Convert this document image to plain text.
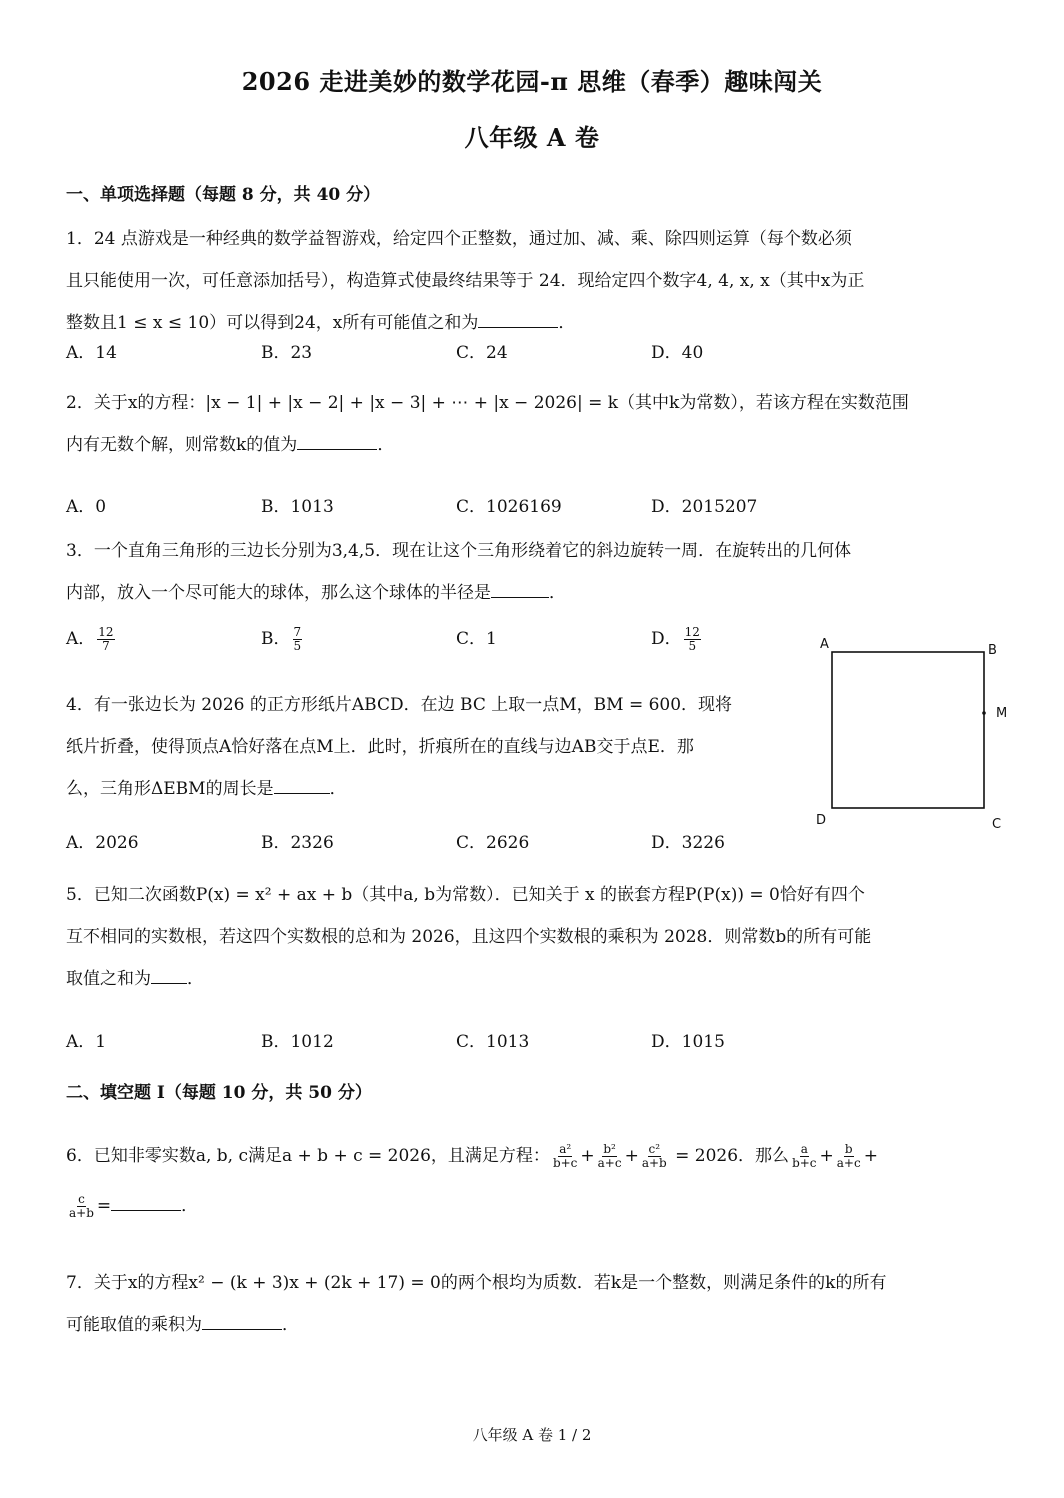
2026 走进美妙的数学花园-π 思维（春季）趣味闯关
八年级 A 卷
一、单项选择题（每题 8 分，共 40 分）
1．24 点游戏是一种经典的数学益智游戏，给定四个正整数，通过加、减、乘、除四则运算（每个数必须
且只能使用一次，可任意添加括号），构造算式使最终结果等于 24．现给定四个数字4, 4, x, x（其中x为正
整数且1 ≤ x ≤ 10）可以得到24，x所有可能值之和为	．
A．14	B．23	C．24	D．40
2．关于x的方程：|x − 1| + |x − 2| + |x − 3| + ⋯ + |x − 2026| = k（其中k为常数），若该方程在实数范围
内有无数个解，则常数k的值为	．
A．0	B．1013	C．1026169	D．2015207
3．一个直角三角形的三边长分别为3,4,5．现在让这个三角形绕着它的斜边旋转一周．在旋转出的几何体
内部，放入一个尽可能大的球体，那么这个球体的半径是	．
A． $\frac{12}{7}$	B． $\frac{7}{5}$	C．1	D． $\frac{12}{5}$	A	B
M
D	C
4．有一张边长为 2026 的正方形纸片ABCD．在边 BC 上取一点M，BM = 600．现将
纸片折叠，使得顶点A恰好落在点M上．此时，折痕所在的直线与边AB交于点E．那
么，三角形ΔEBM的周长是	．
A．2026	B．2326	C．2626	D．3226
5．已知二次函数P(x) = x² + ax + b（其中a, b为常数）．已知关于 x 的嵌套方程P(P(x)) = 0恰好有四个
互不相同的实数根，若这四个实数根的总和为 2026，且这四个实数根的乘积为 2028．则常数b的所有可能
取值之和为 ．
A．1	B．1012	C．1013	D．1015
二、填空题 I（每题 10 分，共 50 分）
6．已知非零实数a, b, c满足a + b + c = 2026，且满足方程： $\frac{\text{a²}}{b+c} + \frac{\text{b²}}{a+c} + \frac{\text{c²}}{a+b} = 2026$．那么 $\frac{a}{b+c} + \frac{b}{a+c}$ +
$\frac{c}{a+b}$ =	．
7．关于x的方程x² − (k + 3)x + (2k + 17) = 0的两个根均为质数．若k是一个整数，则满足条件的k的所有
可能取值的乘积为	．
八年级 A 卷 1 / 2
